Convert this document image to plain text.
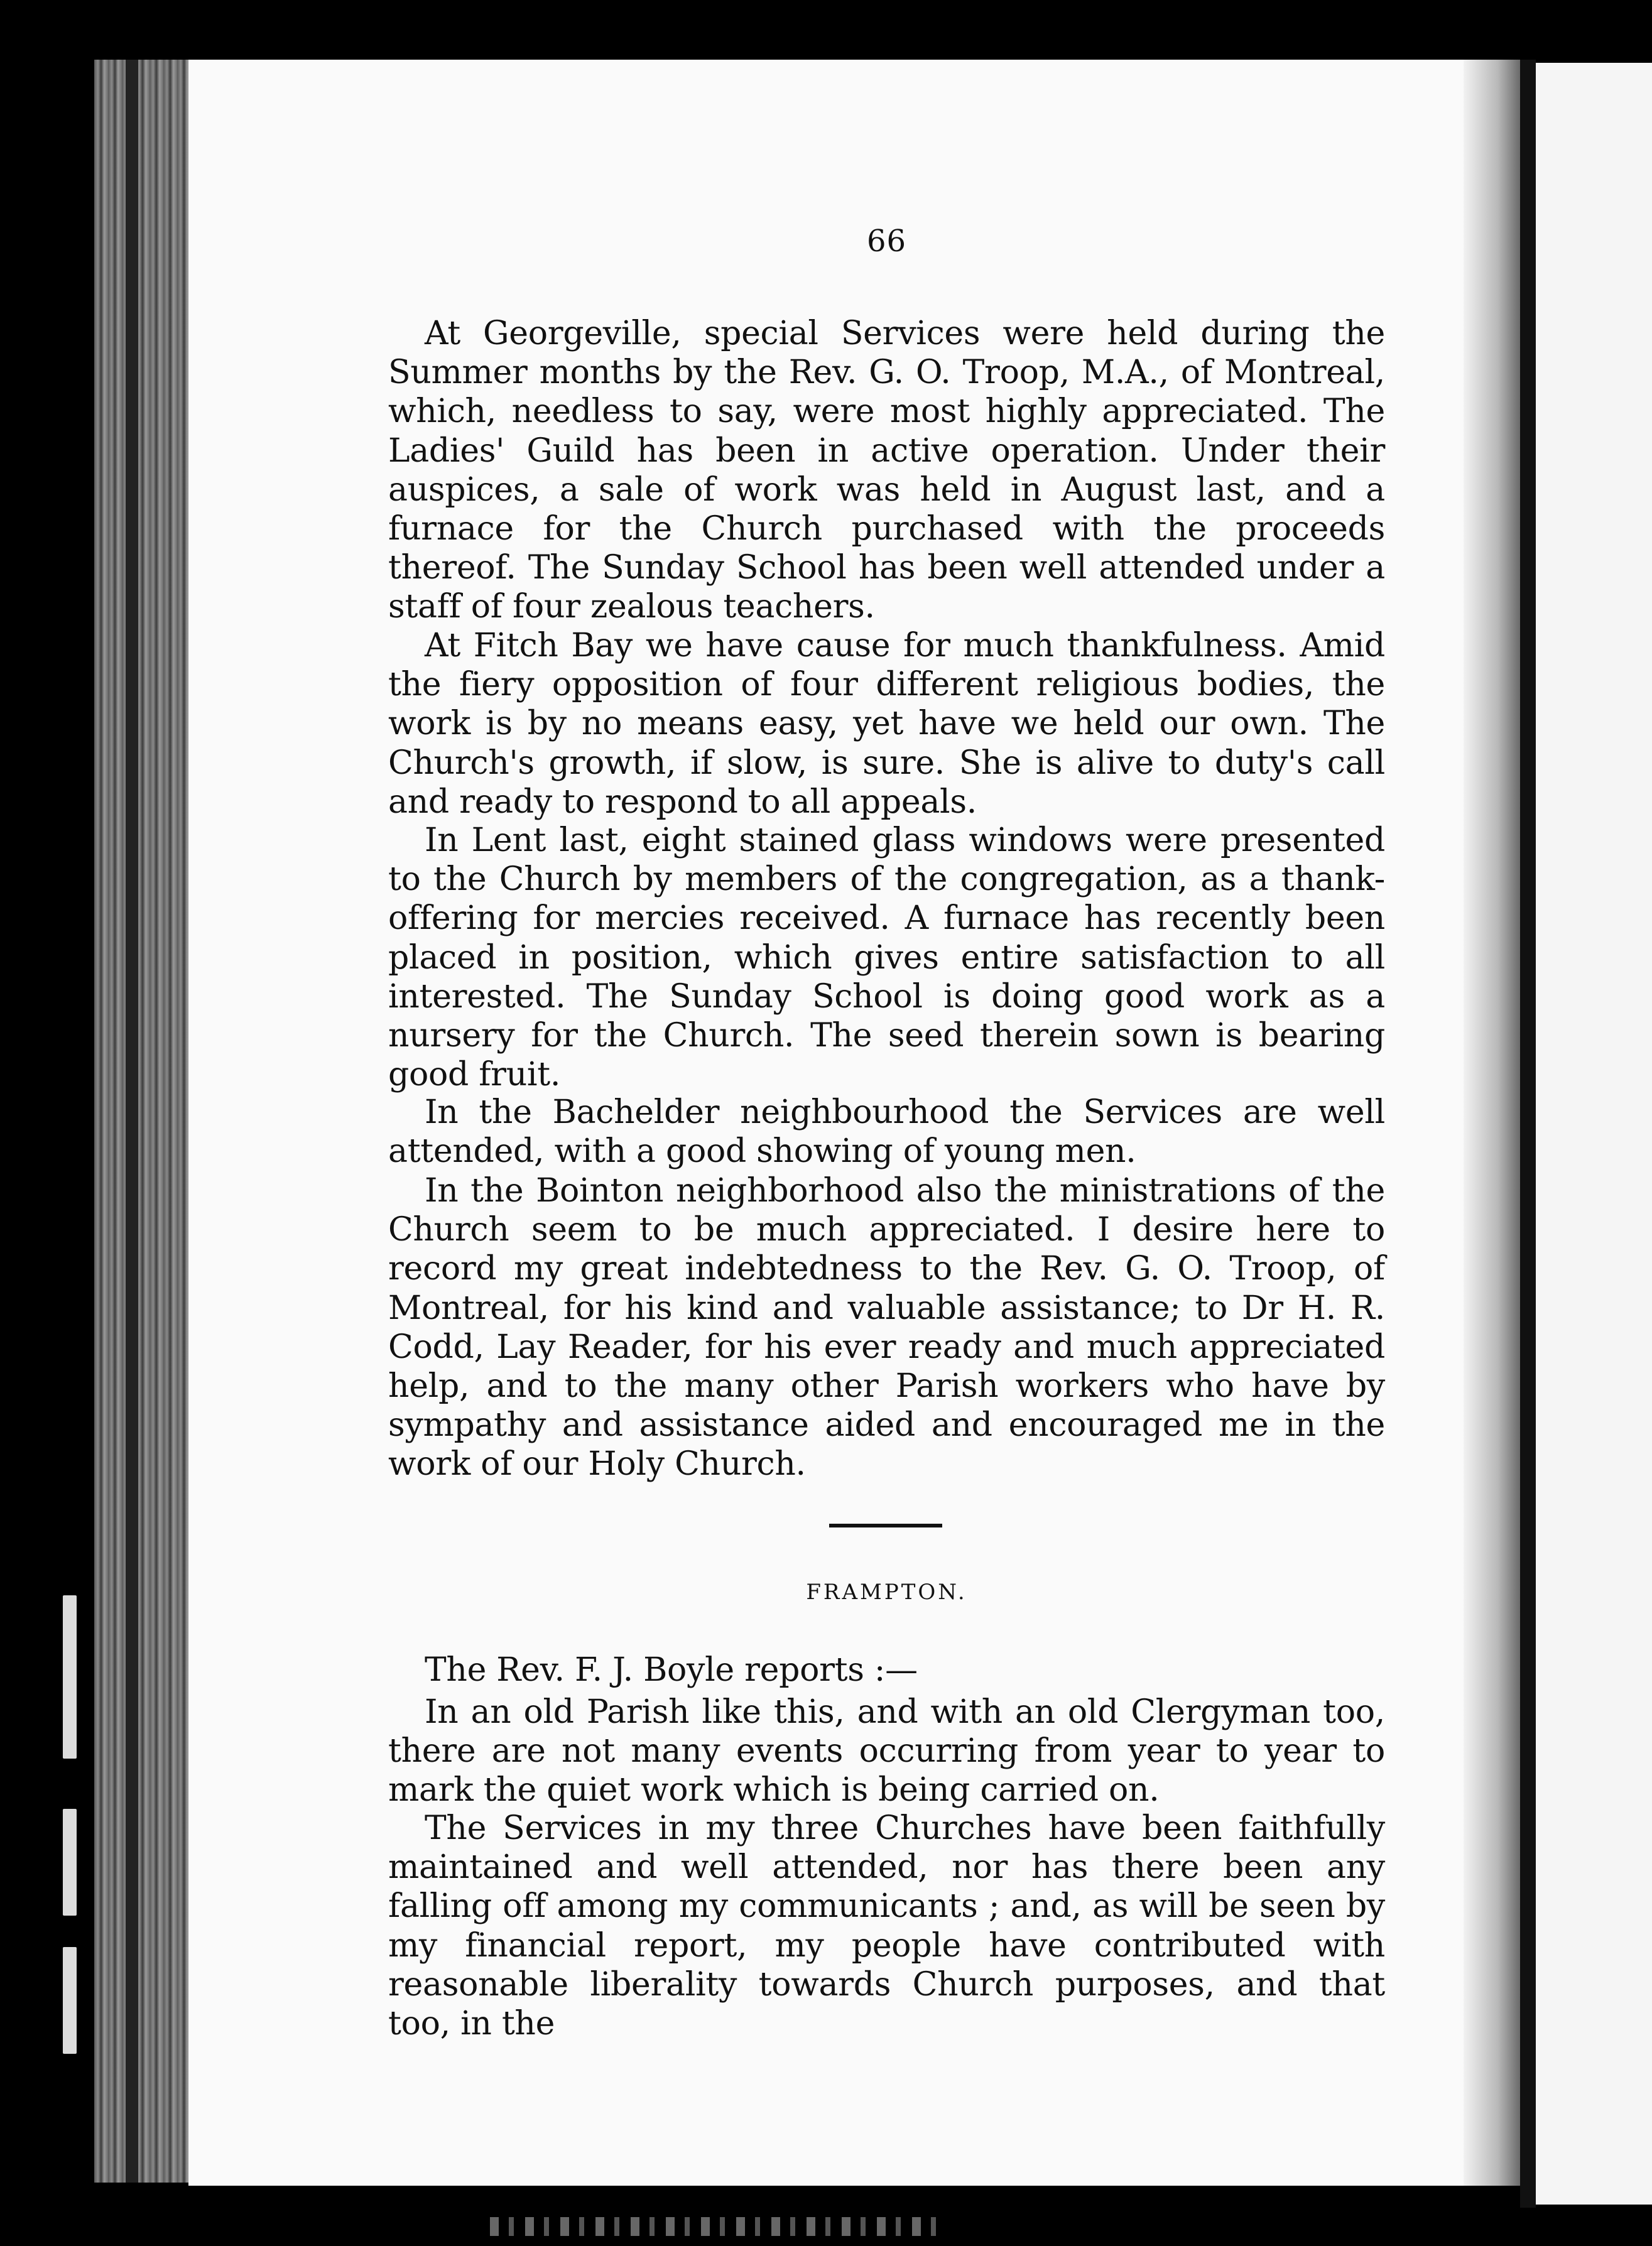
66

At Georgeville, special Services were held during the Summer months by the Rev. G. O. Troop, M.A., of Montreal, which, needless to say, were most highly appreciated. The Ladies' Guild has been in active operation. Under their auspices, a sale of work was held in August last, and a furnace for the Church purchased with the proceeds thereof. The Sunday School has been well attended under a staff of four zealous teachers.

At Fitch Bay we have cause for much thankfulness. Amid the fiery opposition of four different religious bodies, the work is by no means easy, yet have we held our own. The Church's growth, if slow, is sure. She is alive to duty's call and ready to respond to all appeals.

In Lent last, eight stained glass windows were presented to the Church by members of the congregation, as a thank-offering for mercies received. A furnace has recently been placed in position, which gives entire satisfaction to all interested. The Sunday School is doing good work as a nursery for the Church. The seed therein sown is bearing good fruit.

In the Bachelder neighbourhood the Services are well attended, with a good showing of young men.

In the Bointon neighborhood also the ministrations of the Church seem to be much appreciated. I desire here to record my great indebtedness to the Rev. G. O. Troop, of Montreal, for his kind and valuable assistance; to Dr H. R. Codd, Lay Reader, for his ever ready and much appreciated help, and to the many other Parish workers who have by sympathy and assistance aided and encouraged me in the work of our Holy Church.

FRAMPTON.

The Rev. F. J. Boyle reports :—

In an old Parish like this, and with an old Clergyman too, there are not many events occurring from year to year to mark the quiet work which is being carried on.

The Services in my three Churches have been faithfully maintained and well attended, nor has there been any falling off among my communicants ; and, as will be seen by my financial report, my people have contributed with reasonable liberality towards Church purposes, and that too, in the
